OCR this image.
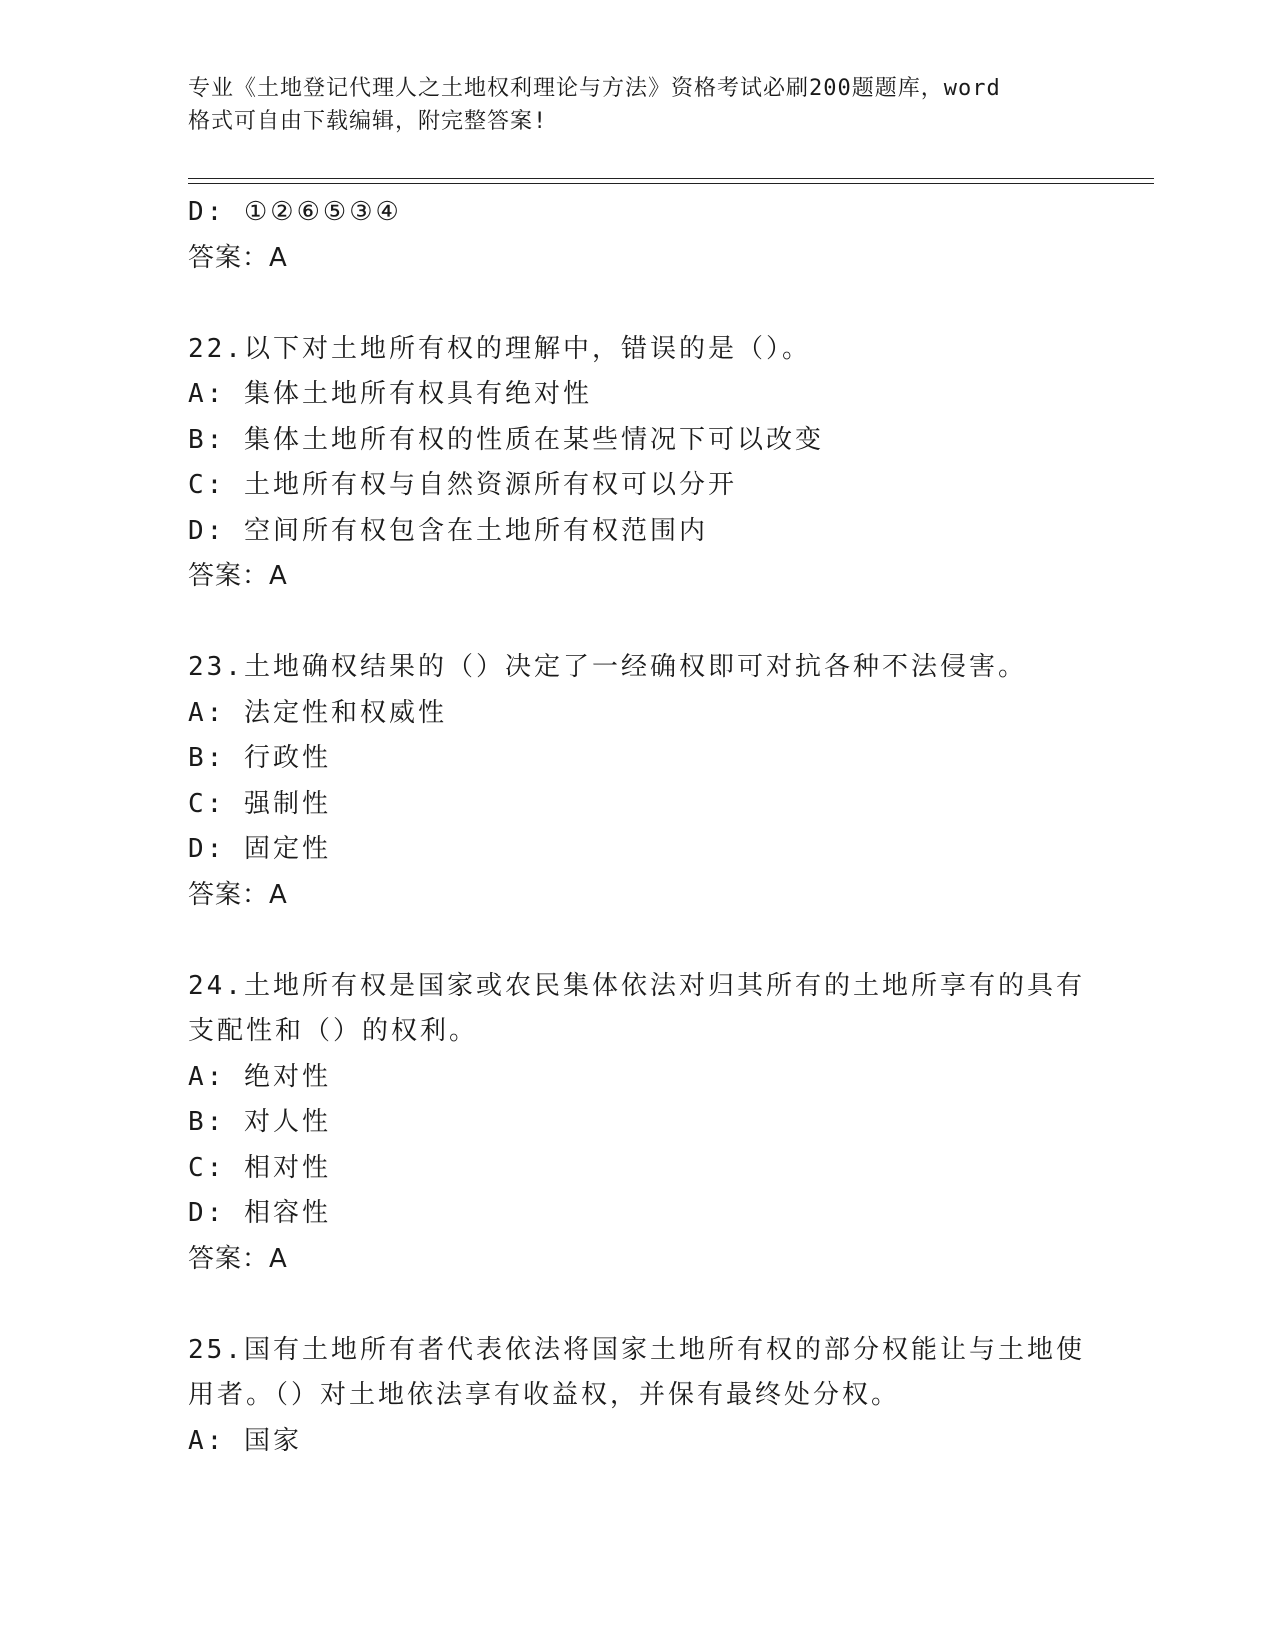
专业《土地登记代理人之土地权利理论与方法》资格考试必刷200题题库，word
格式可自由下载编辑，附完整答案!
D: ①②⑥⑤③④
答案：A
22.以下对土地所有权的理解中，错误的是（）。
A: 集体土地所有权具有绝对性
B: 集体土地所有权的性质在某些情况下可以改变
C: 土地所有权与自然资源所有权可以分开
D: 空间所有权包含在土地所有权范围内
答案：A
23.土地确权结果的（）决定了一经确权即可对抗各种不法侵害。
A: 法定性和权威性
B: 行政性
C: 强制性
D: 固定性
答案：A
24.土地所有权是国家或农民集体依法对归其所有的土地所享有的具有
支配性和（）的权利。
A: 绝对性
B: 对人性
C: 相对性
D: 相容性
答案：A
25.国有土地所有者代表依法将国家土地所有权的部分权能让与土地使
用者。（）对土地依法享有收益权，并保有最终处分权。
A: 国家
